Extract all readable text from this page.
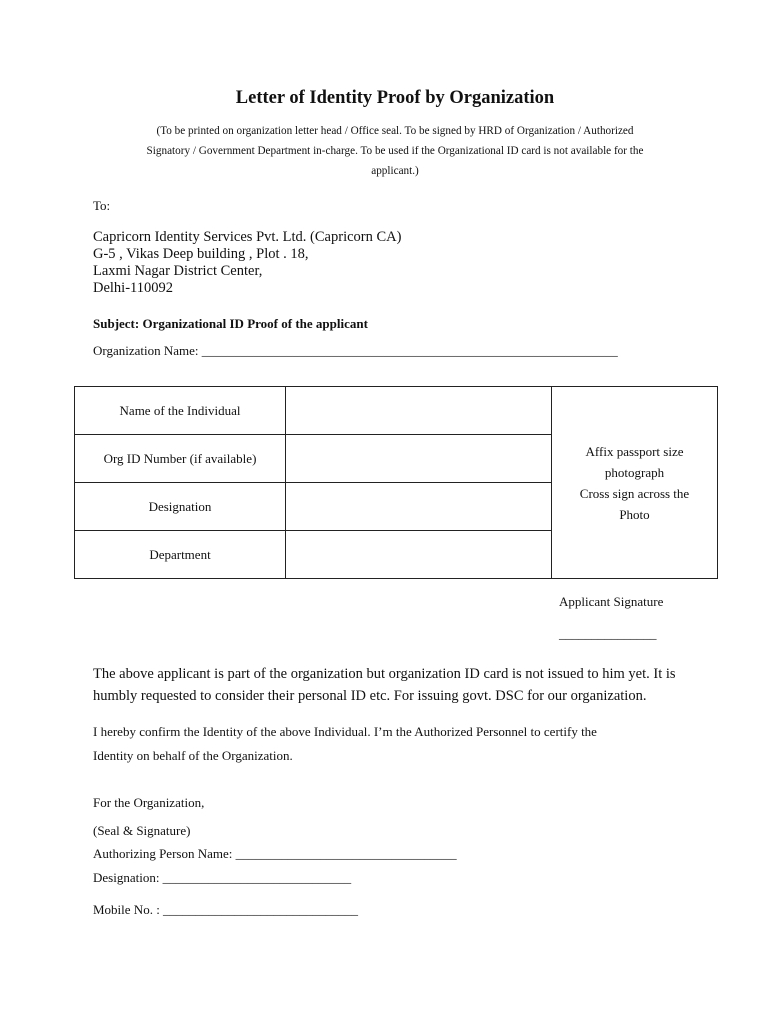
Letter of Identity Proof by Organization
(To be printed on organization letter head / Office seal. To be signed by HRD of Organization / Authorized
Signatory / Government Department in-charge. To be used if the Organizational ID card is not available for the
applicant.)
To:
Capricorn Identity Services Pvt. Ltd. (Capricorn CA)
G-5 , Vikas Deep building , Plot . 18,
Laxmi Nagar District Center,
Delhi-110092
Subject: Organizational ID Proof of the applicant
Organization Name: ________________________________________________________________
Name of the Individual		Affix passport size
photograph
Cross sign across the
Photo

Org ID Number (if available)		
Designation		
Department		
Applicant Signature
_______________
The above applicant is part of the organization but organization ID card is not issued to him yet. It is humbly requested to consider their personal ID etc. For issuing govt. DSC for our organization.
I hereby confirm the Identity of the above Individual. I’m the Authorized Personnel to certify the
Identity on behalf of the Organization.
For the Organization,
(Seal & Signature)
Authorizing Person Name: __________________________________
Designation: _____________________________
Mobile No. : ______________________________
